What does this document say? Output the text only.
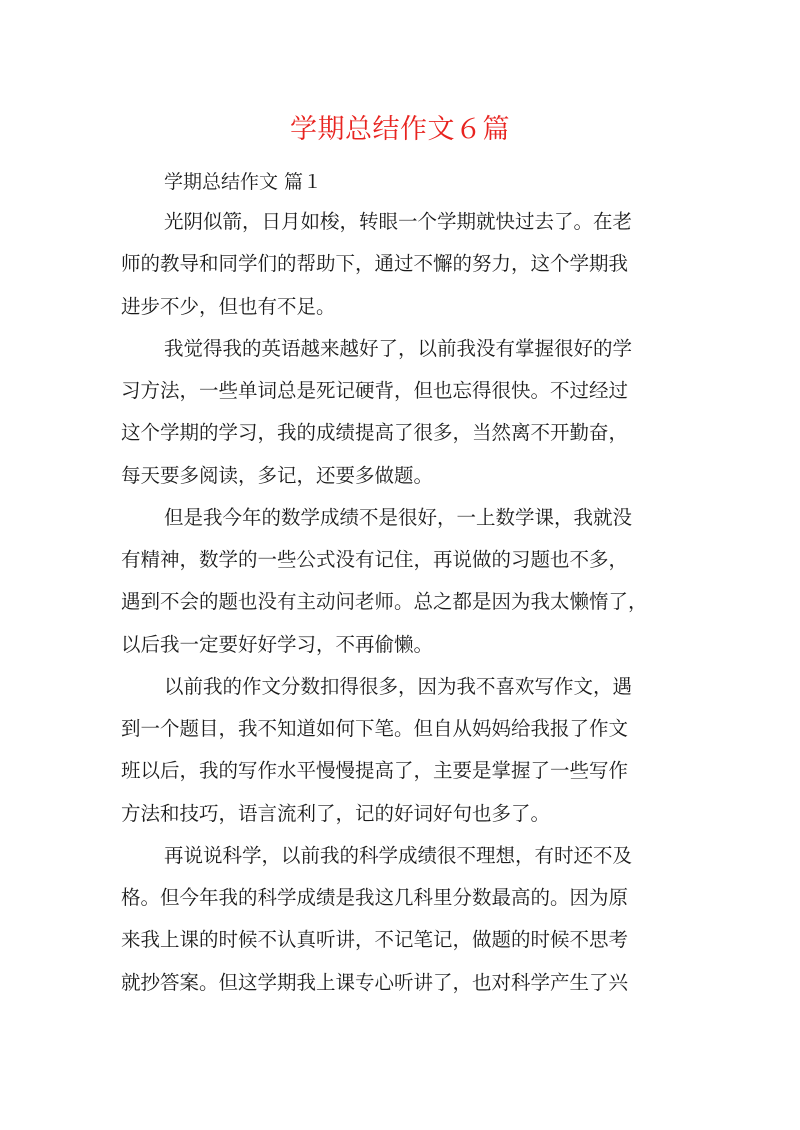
学期总结作文６篇
学期总结作文 篇１
光阴似箭，日月如梭，转眼一个学期就快过去了。在老
师的教导和同学们的帮助下，通过不懈的努力，这个学期我
进步不少，但也有不足。
我觉得我的英语越来越好了，以前我没有掌握很好的学
习方法，一些单词总是死记硬背，但也忘得很快。不过经过
这个学期的学习，我的成绩提高了很多，当然离不开勤奋，
每天要多阅读，多记，还要多做题。
但是我今年的数学成绩不是很好，一上数学课，我就没
有精神，数学的一些公式没有记住，再说做的习题也不多，
遇到不会的题也没有主动问老师。总之都是因为我太懒惰了，
以后我一定要好好学习，不再偷懒。
以前我的作文分数扣得很多，因为我不喜欢写作文，遇
到一个题目，我不知道如何下笔。但自从妈妈给我报了作文
班以后，我的写作水平慢慢提高了，主要是掌握了一些写作
方法和技巧，语言流利了，记的好词好句也多了。
再说说科学，以前我的科学成绩很不理想，有时还不及
格。但今年我的科学成绩是我这几科里分数最高的。因为原
来我上课的时候不认真听讲，不记笔记，做题的时候不思考
就抄答案。但这学期我上课专心听讲了，也对科学产生了兴
